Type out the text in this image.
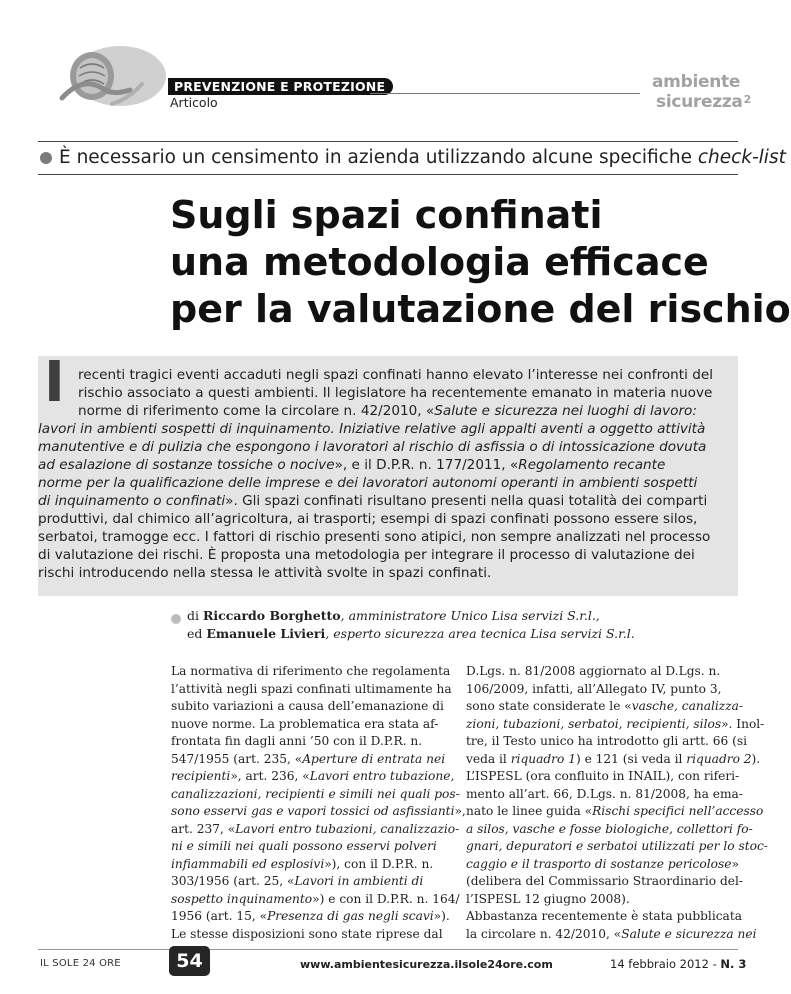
PREVENZIONE E PROTEZIONE
Articolo
ambiente
sicurezza$^2$
È necessario un censimento in azienda utilizzando alcune specifiche check-list
Sugli spazi confinati
una metodologia efficace
per la valutazione del rischio
I recenti tragici eventi accaduti negli spazi confinati hanno elevato l’interesse nei confronti del
rischio associato a questi ambienti. Il legislatore ha recentemente emanato in materia nuove
norme di riferimento come la circolare n. 42/2010, «Salute e sicurezza nei luoghi di lavoro:
lavori in ambienti sospetti di inquinamento. Iniziative relative agli appalti aventi a oggetto attività
manutentive e di pulizia che espongono i lavoratori al rischio di asfissia o di intossicazione dovuta
ad esalazione di sostanze tossiche o nocive», e il D.P.R. n. 177/2011, «Regolamento recante
norme per la qualificazione delle imprese e dei lavoratori autonomi operanti in ambienti sospetti
di inquinamento o confinati». Gli spazi confinati risultano presenti nella quasi totalità dei comparti
produttivi, dal chimico all’agricoltura, ai trasporti; esempi di spazi confinati possono essere silos,
serbatoi, tramogge ecc. I fattori di rischio presenti sono atipici, non sempre analizzati nel processo
di valutazione dei rischi. È proposta una metodologia per integrare il processo di valutazione dei
rischi introducendo nella stessa le attività svolte in spazi confinati.
di Riccardo Borghetto, amministratore Unico Lisa servizi S.r.l.,
ed Emanuele Livieri, esperto sicurezza area tecnica Lisa servizi S.r.l.
La normativa di riferimento che regolamenta
l’attività negli spazi confinati ultimamente ha
subito variazioni a causa dell’emanazione di
nuove norme. La problematica era stata af-
frontata fin dagli anni ’50 con il D.P.R. n.
547/1955 (art. 235, «Aperture di entrata nei
recipienti», art. 236, «Lavori entro tubazione,
canalizzazioni, recipienti e simili nei quali pos-
sono esservi gas e vapori tossici od asfissianti»,
art. 237, «Lavori entro tubazioni, canalizzazio-
ni e simili nei quali possono esservi polveri
infiammabili ed esplosivi»), con il D.P.R. n.
303/1956 (art. 25, «Lavori in ambienti di
sospetto inquinamento») e con il D.P.R. n. 164/
1956 (art. 15, «Presenza di gas negli scavi»).
Le stesse disposizioni sono state riprese dal
D.Lgs. n. 81/2008 aggiornato al D.Lgs. n.
106/2009, infatti, all’Allegato IV, punto 3,
sono state considerate le «vasche, canalizza-
zioni, tubazioni, serbatoi, recipienti, silos». Inol-
tre, il Testo unico ha introdotto gli artt. 66 (si
veda il riquadro 1) e 121 (si veda il riquadro 2).
L’ISPESL (ora confluito in INAIL), con riferi-
mento all’art. 66, D.Lgs. n. 81/2008, ha ema-
nato le linee guida «Rischi specifici nell’accesso
a silos, vasche e fosse biologiche, collettori fo-
gnari, depuratori e serbatoi utilizzati per lo stoc-
caggio e il trasporto di sostanze pericolose»
(delibera del Commissario Straordinario del-
l’ISPESL 12 giugno 2008).
Abbastanza recentemente è stata pubblicata
la circolare n. 42/2010, «Salute e sicurezza nei
IL SOLE 24 ORE	54	www.ambientesicurezza.ilsole24ore.com	14 febbraio 2012 - N. 3
